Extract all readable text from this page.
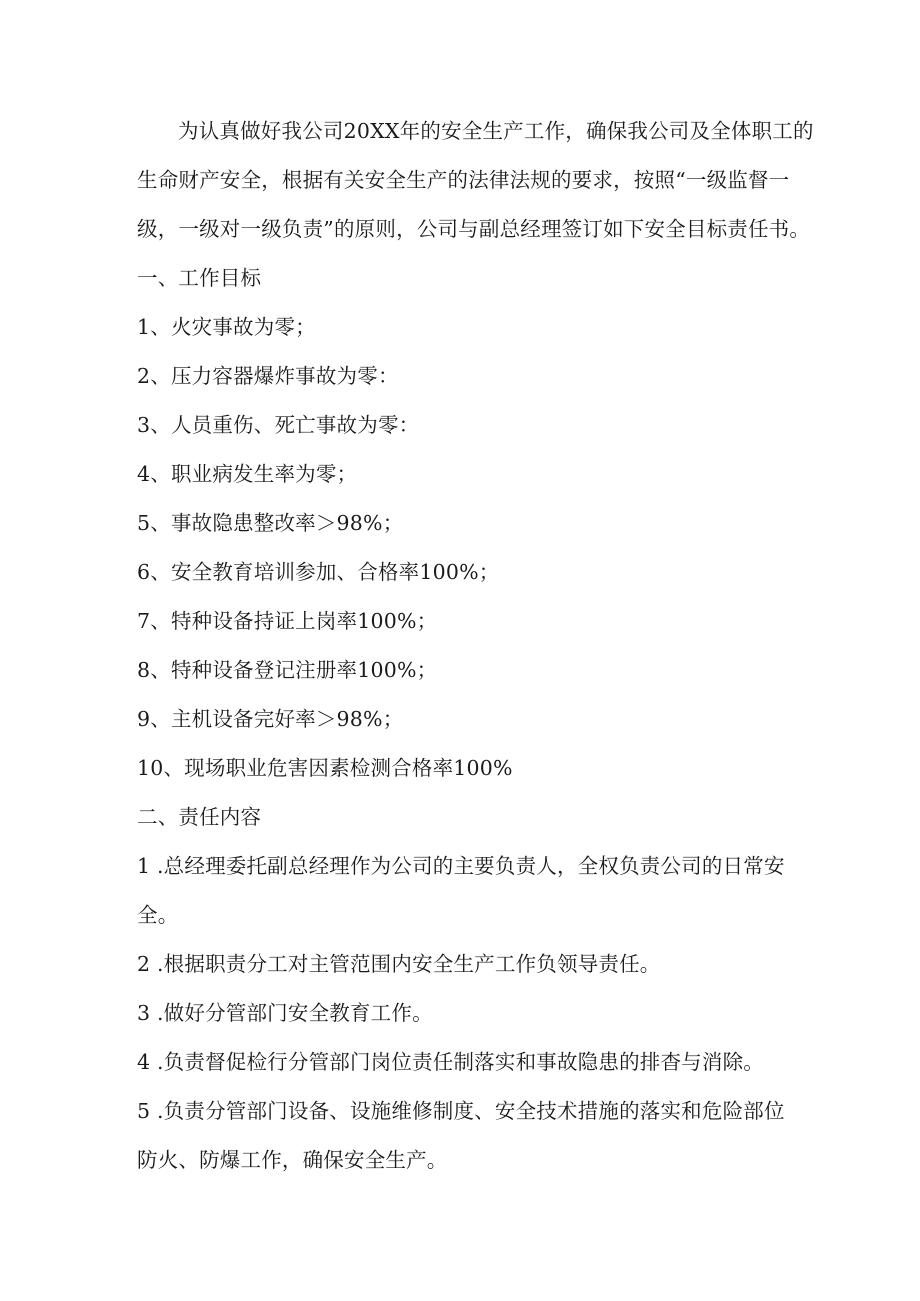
为认真做好我公司20XX年的安全生产工作，确保我公司及全体职工的
生命财产安全，根据有关安全生产的法律法规的要求，按照“一级监督一
级，一级对一级负责”的原则，公司与副总经理签订如下安全目标责任书。
一、工作目标
1、火灾事故为零；
2、压力容器爆炸事故为零：
3、人员重伤、死亡事故为零：
4、职业病发生率为零；
5、事故隐患整改率＞98%；
6、安全教育培训参加、合格率100%；
7、特种设备持证上岗率100%；
8、特种设备登记注册率100%；
9、主机设备完好率＞98%；
10、现场职业危害因素检测合格率100%
二、责任内容
1 .总经理委托副总经理作为公司的主要负责人，全权负责公司的日常安
全。
2 .根据职责分工对主管范围内安全生产工作负领导责任。
3 .做好分管部门安全教育工作。
4 .负责督促检行分管部门岗位责任制落实和事故隐患的排杳与消除。
5 .负责分管部门设备、设施维修制度、安全技术措施的落实和危险部位
防火、防爆工作，确保安全生产。
